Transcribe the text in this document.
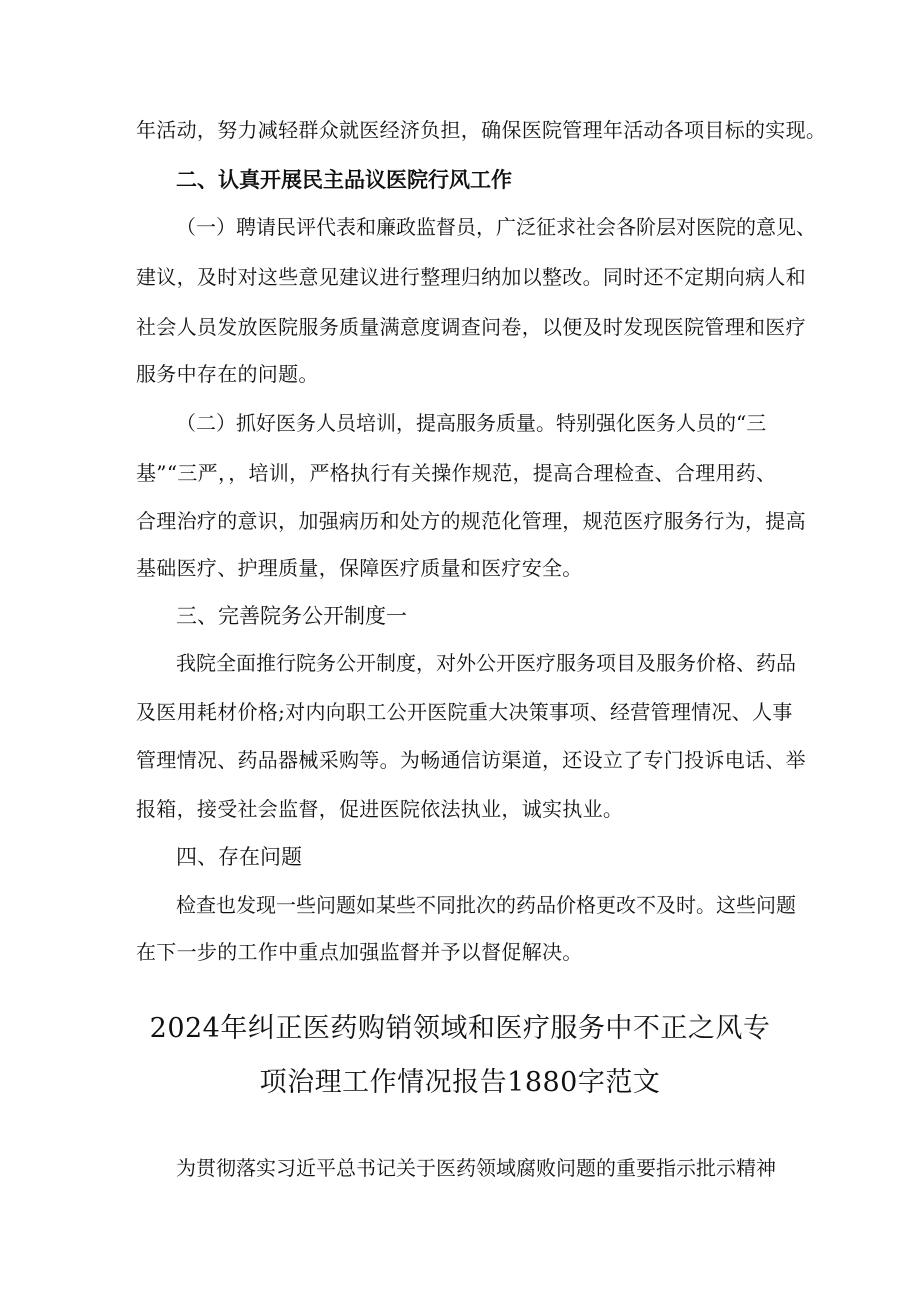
年活动，努力减轻群众就医经济负担，确保医院管理年活动各项目标的实现。
二、认真开展民主品议医院行风工作
（一）聘请民评代表和廉政监督员，广泛征求社会各阶层对医院的意见、
建议，及时对这些意见建议进行整理归纳加以整改。同时还不定期向病人和
社会人员发放医院服务质量满意度调查问卷，以便及时发现医院管理和医疗
服务中存在的问题。
（二）抓好医务人员培训，提高服务质量。特别强化医务人员的“三
基”“三严，，培训，严格执行有关操作规范，提高合理检查、合理用药、
合理治疗的意识，加强病历和处方的规范化管理，规范医疗服务行为，提高
基础医疗、护理质量，保障医疗质量和医疗安全。
三、完善院务公开制度一
我院全面推行院务公开制度，对外公开医疗服务项目及服务价格、药品
及医用耗材价格;对内向职工公开医院重大决策事项、经营管理情况、人事
管理情况、药品器械采购等。为畅通信访渠道，还设立了专门投诉电话、举
报箱，接受社会监督，促进医院依法执业，诚实执业。
四、存在问题
检查也发现一些问题如某些不同批次的药品价格更改不及时。这些问题
在下一步的工作中重点加强监督并予以督促解决。
2024年纠正医药购销领域和医疗服务中不正之风专
项治理工作情况报告1880字范文
为贯彻落实习近平总书记关于医药领域腐败问题的重要指示批示精神
